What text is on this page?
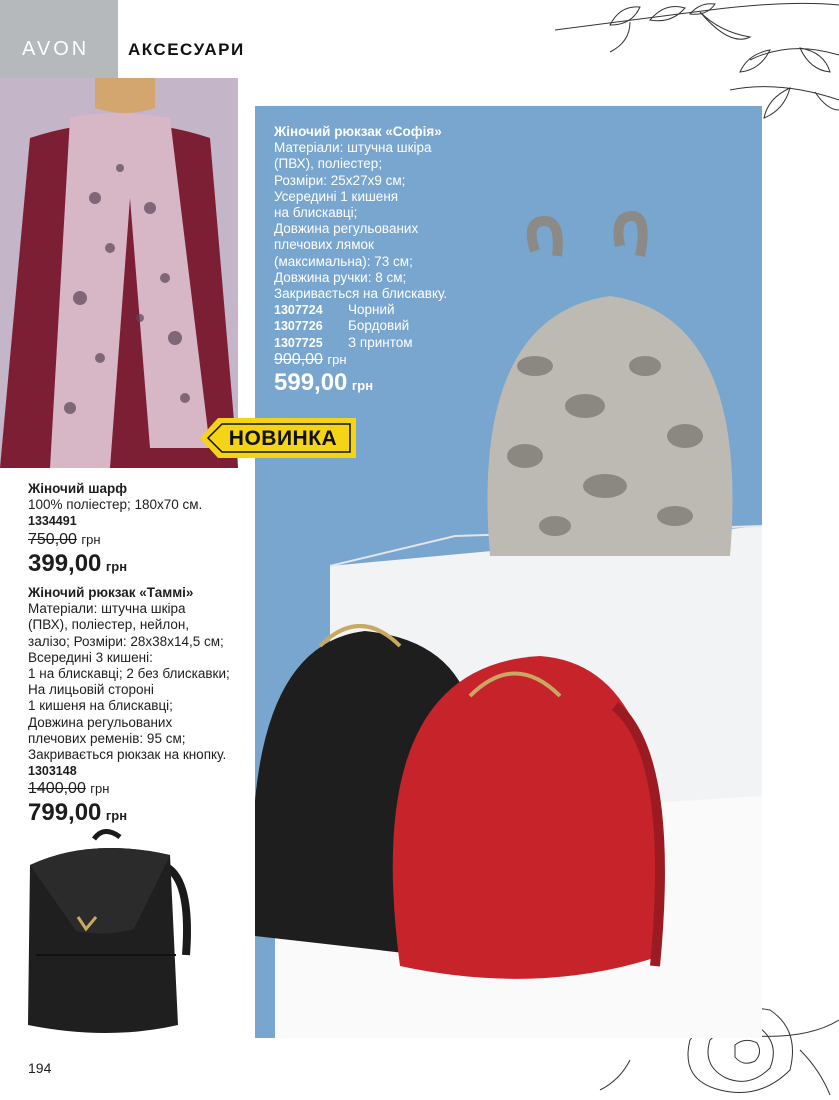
AVON АКСЕСУАРИ
НОВИНКА
Жіночий рюкзак «Софія»
Матеріали: штучна шкіра
(ПВХ), поліестер;
Розміри: 25х27х9 см;
Усередині 1 кишеня
на блискавці;
Довжина регульованих
плечових лямок
(максимальна): 73 см;
Довжина ручки: 8 см;
Закривається на блискавку.
1307724	Чорний
1307726	Бордовий
1307725	З принтом
900,00 грн
599,00 грн
Жіночий шарф
100% поліестер; 180х70 см.
1334491
750,00 грн
399,00 грн
Жіночий рюкзак «Таммі»
Матеріали: штучна шкіра
(ПВХ), поліестер, нейлон,
залізо; Розміри: 28х38х14,5 см;
Всередині 3 кишені:
1 на блискавці; 2 без блискавки;
На лицьовій стороні
1 кишеня на блискавці;
Довжина регульованих
плечових ременів: 95 см;
Закривається рюкзак на кнопку.
1303148
1400,00 грн
799,00 грн
194
